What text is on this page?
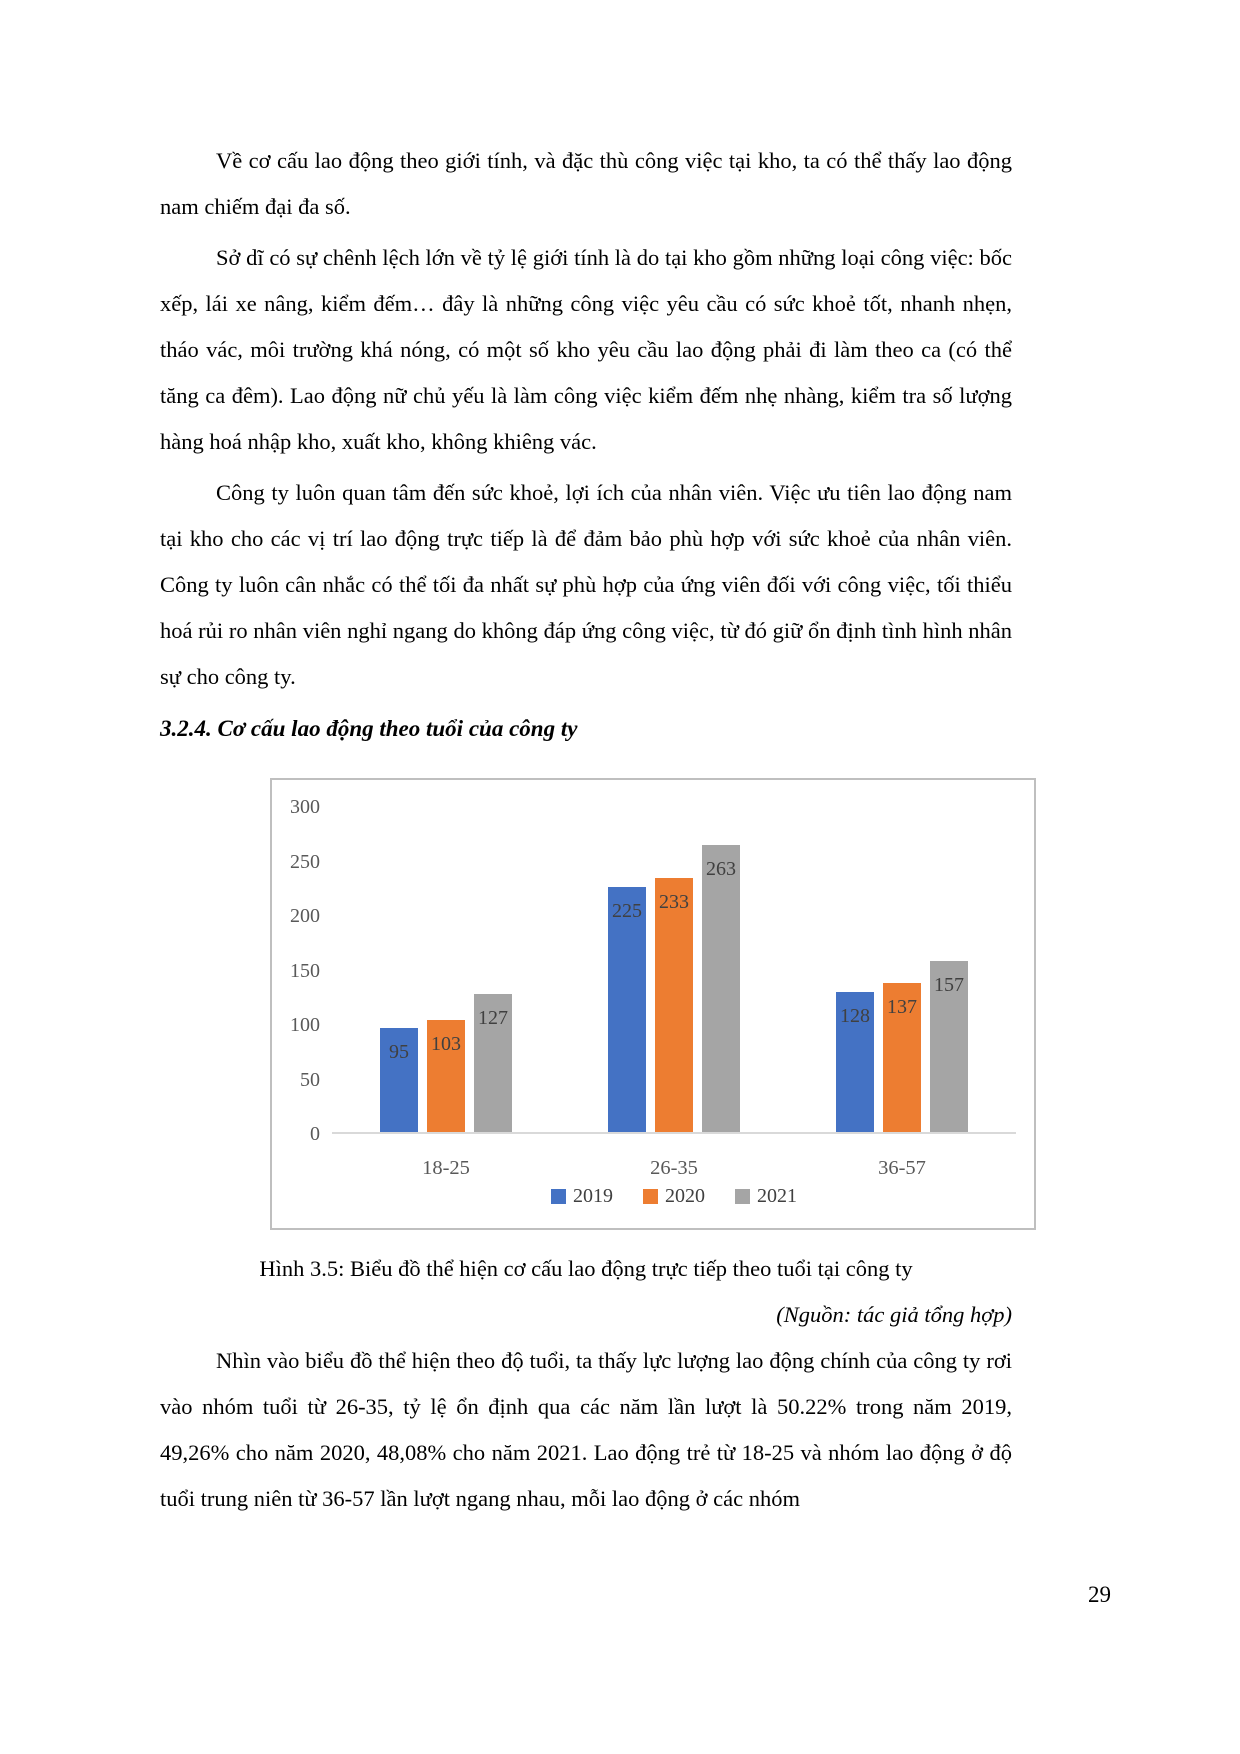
Về cơ cấu lao động theo giới tính, và đặc thù công việc tại kho, ta có thể thấy lao động nam chiếm đại đa số.

Sở dĩ có sự chênh lệch lớn về tỷ lệ giới tính là do tại kho gồm những loại công việc: bốc xếp, lái xe nâng, kiểm đếm… đây là những công việc yêu cầu có sức khoẻ tốt, nhanh nhẹn, tháo vác, môi trường khá nóng, có một số kho yêu cầu lao động phải đi làm theo ca (có thể tăng ca đêm). Lao động nữ chủ yếu là làm công việc kiểm đếm nhẹ nhàng, kiểm tra số lượng hàng hoá nhập kho, xuất kho, không khiêng vác.

Công ty luôn quan tâm đến sức khoẻ, lợi ích của nhân viên. Việc ưu tiên lao động nam tại kho cho các vị trí lao động trực tiếp là để đảm bảo phù hợp với sức khoẻ của nhân viên. Công ty luôn cân nhắc có thể tối đa nhất sự phù hợp của ứng viên đối với công việc, tối thiểu hoá rủi ro nhân viên nghỉ ngang do không đáp ứng công việc, từ đó giữ ổn định tình hình nhân sự cho công ty.

3.2.4. Cơ cấu lao động theo tuổi của công ty
0
50
100
150
200
250
300
95 103
127
18-25
225 233
263
26-35
128 137
157
36-57
2019	2020	2021

Hình 3.5: Biểu đồ thể hiện cơ cấu lao động trực tiếp theo tuổi tại công ty

(Nguồn: tác giả tổng hợp)

Nhìn vào biểu đồ thể hiện theo độ tuổi, ta thấy lực lượng lao động chính của công ty rơi vào nhóm tuổi từ 26-35, tỷ lệ ổn định qua các năm lần lượt là 50.22% trong năm 2019, 49,26% cho năm 2020, 48,08% cho năm 2021. Lao động trẻ từ 18-25 và nhóm lao động ở độ tuổi trung niên từ 36-57 lần lượt ngang nhau, mỗi lao động ở các nhóm

29
